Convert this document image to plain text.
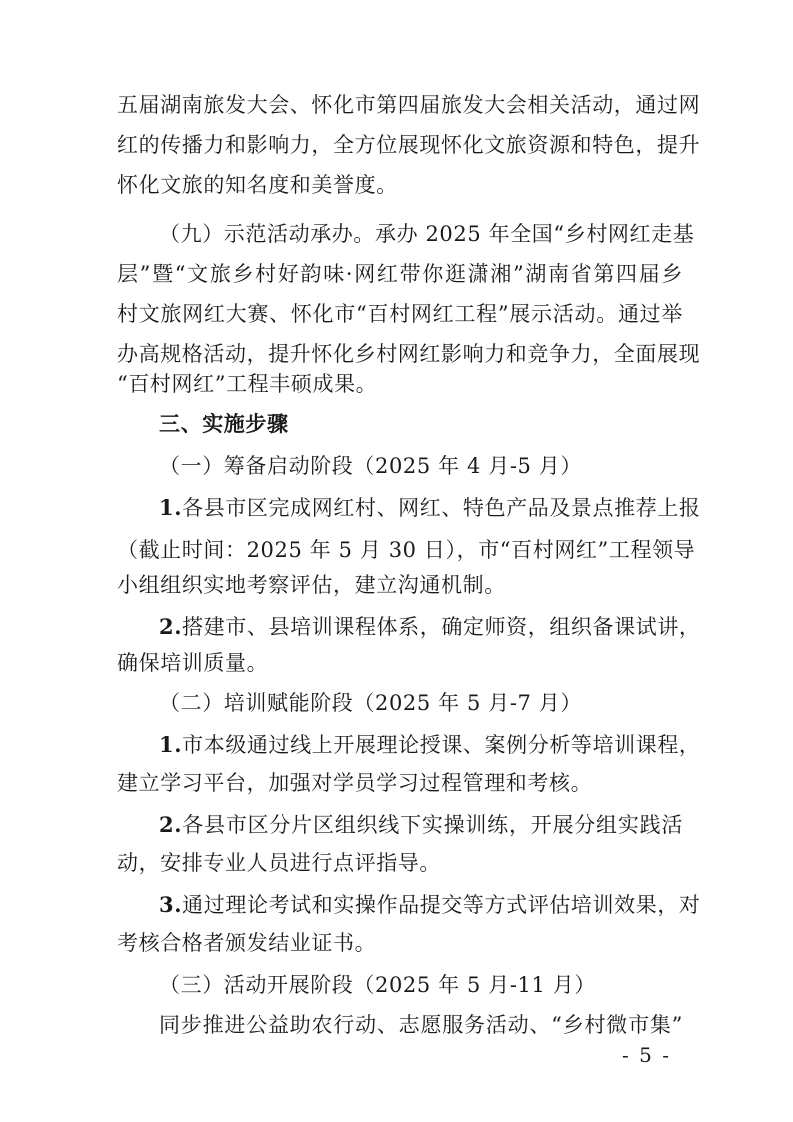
五届湖南旅发大会、怀化市第四届旅发大会相关活动，通过网
红的传播力和影响力，全方位展现怀化文旅资源和特色，提升
怀化文旅的知名度和美誉度。
（九）示范活动承办。承办 2025 年全国“乡村网红走基
层”暨“文旅乡村好韵味·网红带你逛潇湘”湖南省第四届乡
村文旅网红大赛、怀化市“百村网红工程”展示活动。通过举
办高规格活动，提升怀化乡村网红影响力和竞争力，全面展现
“百村网红”工程丰硕成果。
三、实施步骤
（一）筹备启动阶段（2025 年 4 月-5 月）
1.各县市区完成网红村、网红、特色产品及景点推荐上报
（截止时间：2025 年 5 月 30 日），市“百村网红”工程领导
小组组织实地考察评估，建立沟通机制。
2.搭建市、县培训课程体系，确定师资，组织备课试讲，
确保培训质量。
（二）培训赋能阶段（2025 年 5 月-7 月）
1.市本级通过线上开展理论授课、案例分析等培训课程，
建立学习平台，加强对学员学习过程管理和考核。
2.各县市区分片区组织线下实操训练，开展分组实践活
动，安排专业人员进行点评指导。
3.通过理论考试和实操作品提交等方式评估培训效果，对
考核合格者颁发结业证书。
（三）活动开展阶段（2025 年 5 月-11 月）
同步推进公益助农行动、志愿服务活动、“乡村微市集”
- 5 -
